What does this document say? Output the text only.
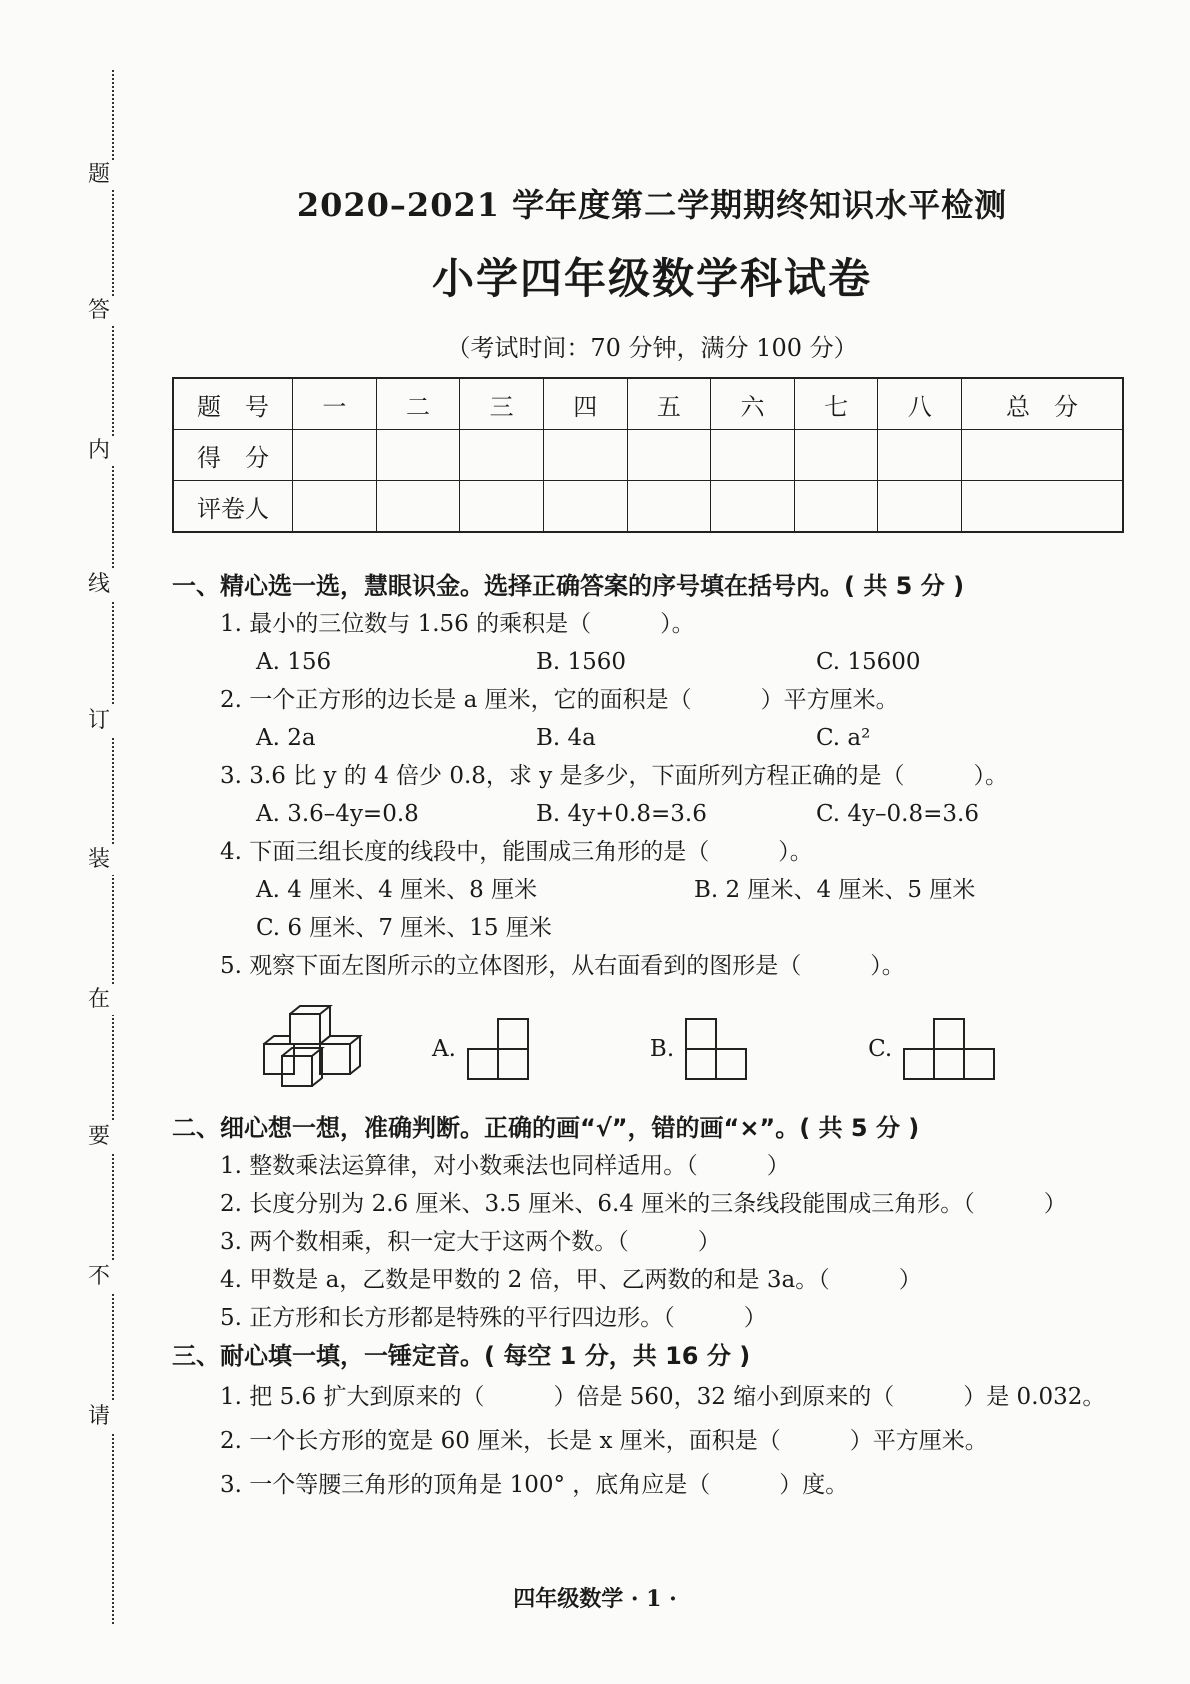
题
答
内
线
订
装
在
要
不
请
2020–2021 学年度第二学期期终知识水平检测
小学四年级数学科试卷

（考试时间：70 分钟，满分 100 分）

题　号	一	二	三	四	五	六	七	八	总　分
得　分									
评卷人									

一、精心选一选，慧眼识金。选择正确答案的序号填在括号内。( 共 5 分 )

1. 最小的三位数与 1.56 的乘积是（　　　）。

A. 156	B. 1560	C. 15600

2. 一个正方形的边长是 a 厘米，它的面积是（　　　）平方厘米。

A. 2a	B. 4a	C. a²

3. 3.6 比 y 的 4 倍少 0.8，求 y 是多少，下面所列方程正确的是（　　　）。

A. 3.6–4y=0.8	B. 4y+0.8=3.6	C. 4y–0.8=3.6

4. 下面三组长度的线段中，能围成三角形的是（　　　）。

A. 4 厘米、4 厘米、8 厘米	B. 2 厘米、4 厘米、5 厘米
C. 6 厘米、7 厘米、15 厘米

5. 观察下面左图所示的立体图形，从右面看到的图形是（　　　）。

A.	B.	C.

二、细心想一想，准确判断。正确的画“√”，错的画“×”。( 共 5 分 )

1. 整数乘法运算律，对小数乘法也同样适用。（　　　）

2. 长度分别为 2.6 厘米、3.5 厘米、6.4 厘米的三条线段能围成三角形。（　　　）

3. 两个数相乘，积一定大于这两个数。（　　　）

4. 甲数是 a，乙数是甲数的 2 倍，甲、乙两数的和是 3a。（　　　）

5. 正方形和长方形都是特殊的平行四边形。（　　　）

三、耐心填一填，一锤定音。( 每空 1 分，共 16 分 )

1. 把 5.6 扩大到原来的（　　　）倍是 560，32 缩小到原来的（　　　）是 0.032。

2. 一个长方形的宽是 60 厘米，长是 x 厘米，面积是（　　　）平方厘米。

3. 一个等腰三角形的顶角是 100° ，底角应是（　　　）度。

四年级数学 · 1 ·
